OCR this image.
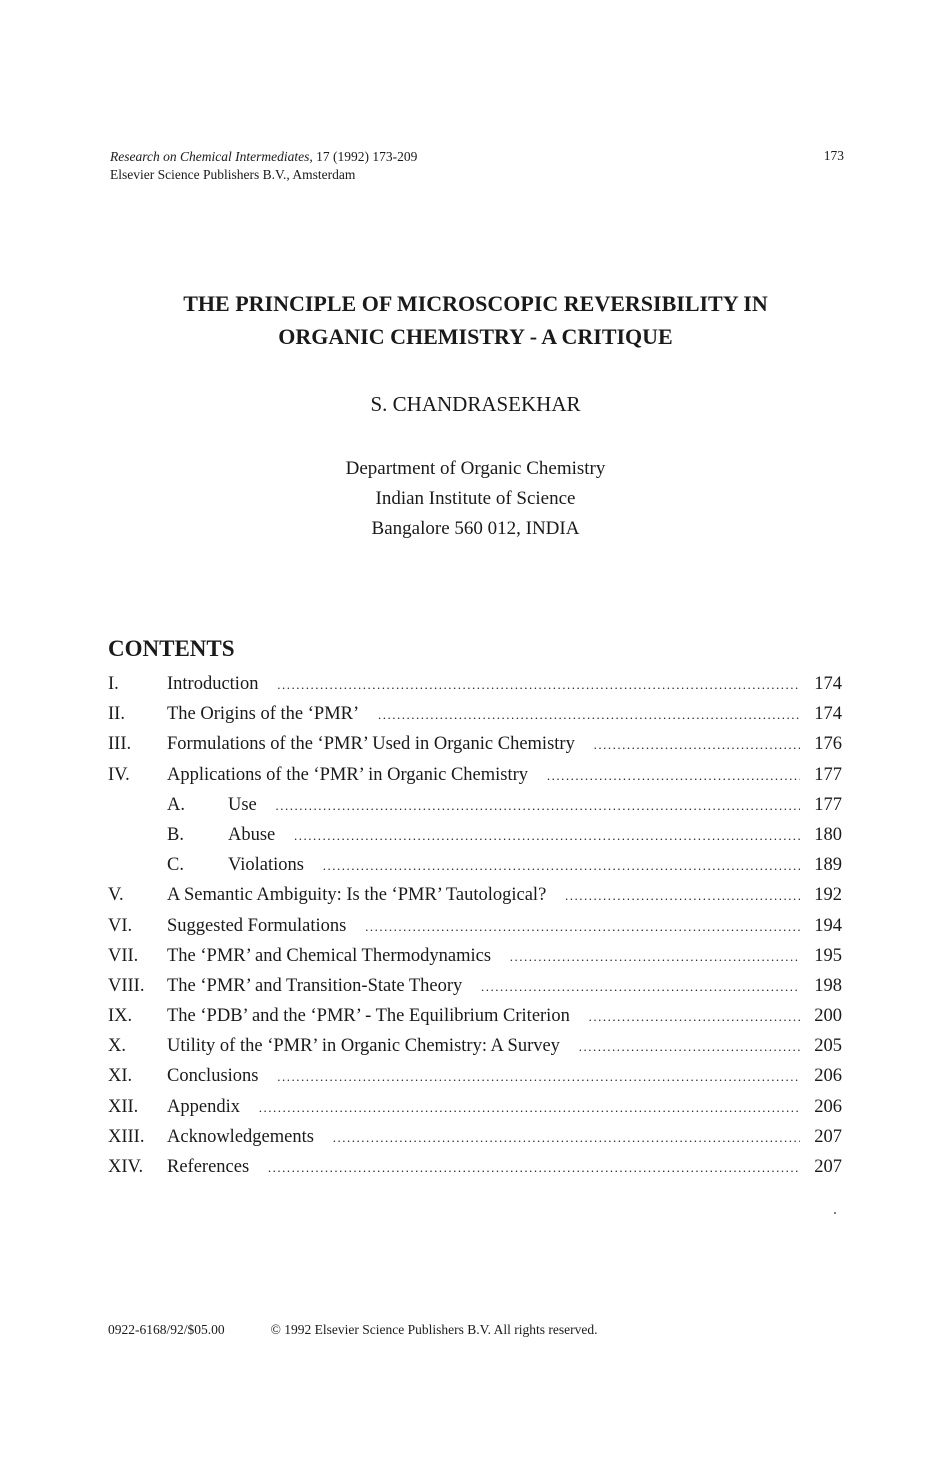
Research on Chemical Intermediates, 17 (1992) 173-209
Elsevier Science Publishers B.V., Amsterdam
173
THE PRINCIPLE OF MICROSCOPIC REVERSIBILITY IN
ORGANIC CHEMISTRY - A CRITIQUE
S. CHANDRASEKHAR
Department of Organic Chemistry
Indian Institute of Science
Bangalore 560 012, INDIA
CONTENTS
I.	Introduction .....	174
II. The Origins of the ‘PMR’ .....	174
III. Formulations of the ‘PMR’ Used in Organic Chemistry .....	176
IV. Applications of the ‘PMR’ in Organic Chemistry .....	177
A. Use .....	177
B. Abuse .....	180
C. Violations .....	189
V. A Semantic Ambiguity: Is the ‘PMR’ Tautological? .....	192
VI. Suggested Formulations .....	194
VII. The ‘PMR’ and Chemical Thermodynamics .....	195
VIII. The ‘PMR’ and Transition-State Theory .....	198
IX. The ‘PDB’ and the ‘PMR’ - The Equilibrium Criterion .....	200
X. Utility of the ‘PMR’ in Organic Chemistry: A Survey .....	205
XI. Conclusions .....	206
XII. Appendix .....	206
XIII. Acknowledgements .....	207
XIV. References .....	207
0922-6168/92/$05.00	© 1992 Elsevier Science Publishers B.V. All rights reserved.
